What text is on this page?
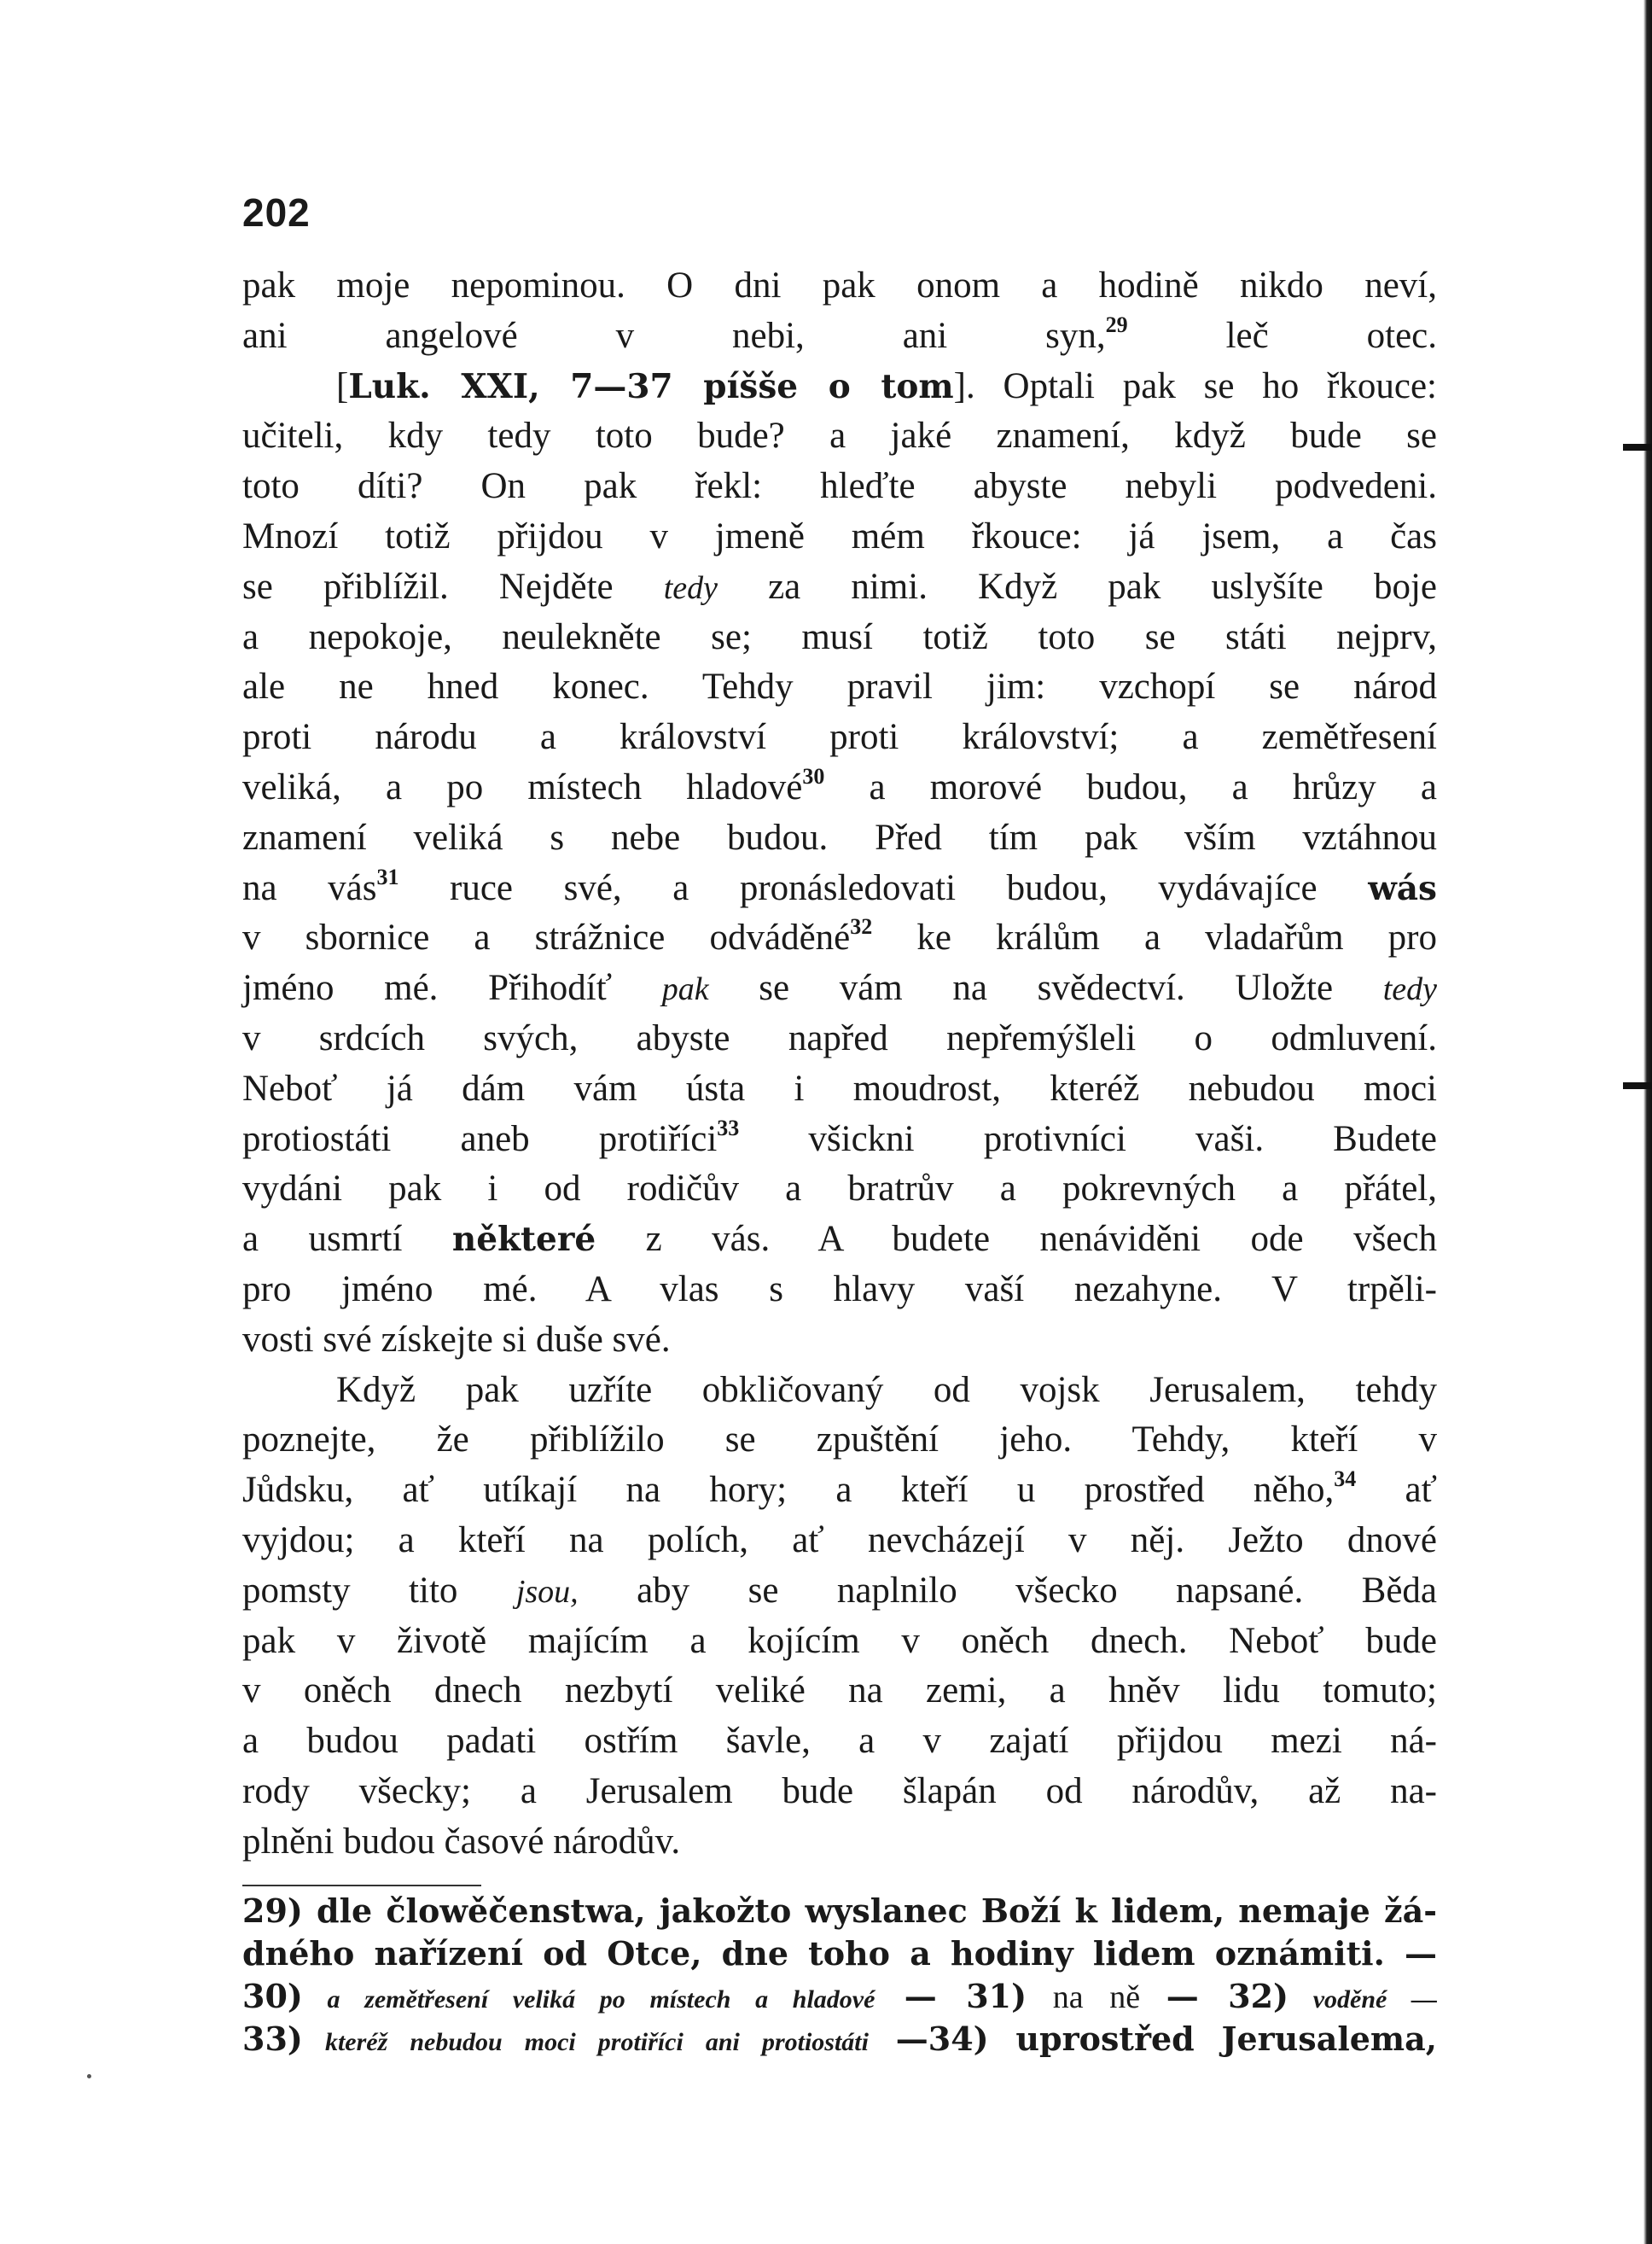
202
pak moje nepominou. O dni pak onom a hodině nikdo neví,
ani angelové v nebi, ani syn,$^{29}$ leč otec.
[Luk. XXI, 7—37 píšše o tom]. Optali pak se ho řkouce:
učiteli, kdy tedy toto bude? a jaké znamení, když bude se
toto díti? On pak řekl: hleďte abyste nebyli podvedeni.
Mnozí totiž přijdou v jmeně mém řkouce: já jsem, a čas
se přiblížil. Nejděte tedy za nimi. Když pak uslyšíte boje
a nepokoje, neulekněte se; musí totiž toto se státi nejprv,
ale ne hned konec. Tehdy pravil jim: vzchopí se národ
proti národu a království proti království; a zemětřesení
veliká, a po místech hladové$^{30}$ a morové budou, a hrůzy a
znamení veliká s nebe budou. Před tím pak vším vztáhnou
na vás$^{31}$ ruce své, a pronásledovati budou, vydávajíce wás
v sbornice a strážnice odváděné$^{32}$ ke králům a vladařům pro
jméno mé. Přihodíť pak se vám na svědectví. Uložte tedy
v srdcích svých, abyste napřed nepřemýšleli o odmluvení.
Neboť já dám vám ústa i moudrost, kteréž nebudou moci
protiostáti aneb protiříci$^{33}$ všickni protivníci vaši. Budete
vydáni pak i od rodičův a bratrův a pokrevných a přátel,
a usmrtí některé z vás. A budete nenáviděni ode všech
pro jméno mé. A vlas s hlavy vaší nezahyne. V trpěli-
vosti své získejte si duše své.
Když pak uzříte obkličovaný od vojsk Jerusalem, tehdy
poznejte, že přiblížilo se zpuštění jeho. Tehdy, kteří v
Jůdsku, ať utíkají na hory; a kteří u prostřed něho,$^{34}$ ať
vyjdou; a kteří na polích, ať nevcházejí v něj. Ježto dnové
pomsty tito jsou, aby se naplnilo všecko napsané. Běda
pak v životě majícím a kojícím v oněch dnech. Neboť bude
v oněch dnech nezbytí veliké na zemi, a hněv lidu tomuto;
a budou padati ostřím šavle, a v zajatí přijdou mezi ná-
rody všecky; a Jerusalem bude šlapán od národův, až na-
plněni budou časové národův.
29) dle člowěčenstwa, jakožto wyslanec Boží k lidem, nemaje žá-
dného nařízení od Otce, dne toho a hodiny lidem oznámiti. —
30) a zemětřesení veliká po místech a hladové — 31) na ně — 32) voděné —
33) kteréž nebudou moci protiříci ani protiostáti —34) uprostřed Jerusalema,
